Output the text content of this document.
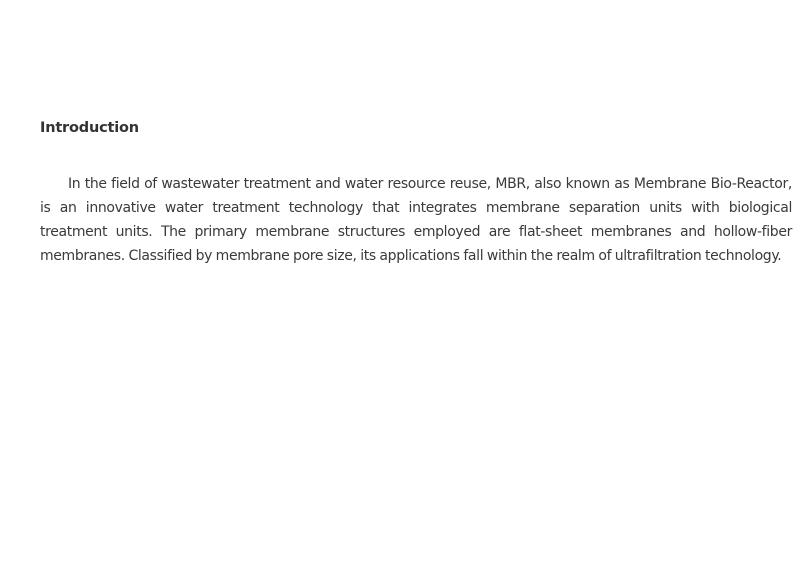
Introduction

In the field of wastewater treatment and water resource reuse, MBR, also known as Membrane Bio-Reactor, is an innovative water treatment technology that integrates membrane separation units with biological treatment units. The primary membrane structures employed are flat-sheet membranes and hollow-fiber membranes. Classified by membrane pore size, its applications fall within the realm of ultrafiltration technology.
